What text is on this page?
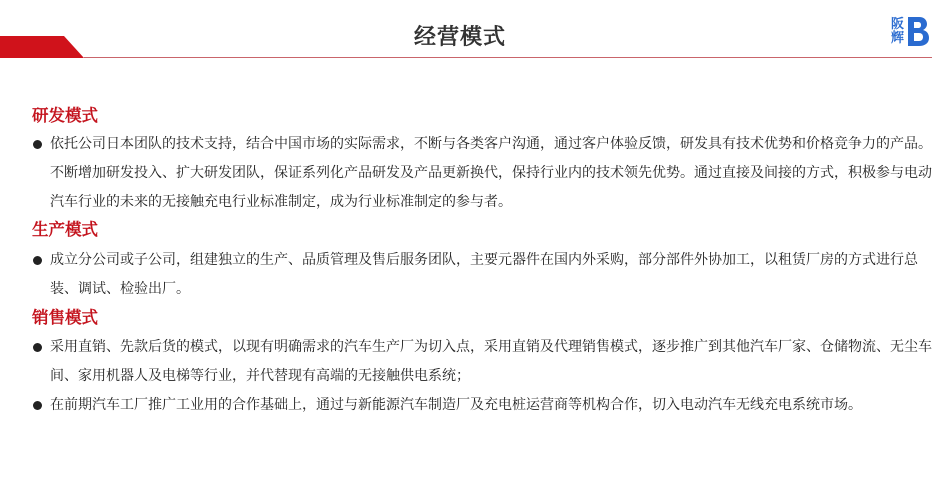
经营模式
阪辉
研发模式
依托公司日本团队的技术支持，结合中国市场的实际需求，不断与各类客户沟通，通过客户体验反馈，研发具有技术优势和价格竞争力的产品。不断增加研发投入、扩大研发团队，保证系列化产品研发及产品更新换代，保持行业内的技术领先优势。通过直接及间接的方式，积极参与电动汽车行业的未来的无接触充电行业标准制定，成为行业标准制定的参与者。
生产模式
成立分公司或子公司，组建独立的生产、品质管理及售后服务团队，主要元器件在国内外采购，部分部件外协加工，以租赁厂房的方式进行总装、调试、检验出厂。
销售模式
采用直销、先款后货的模式，以现有明确需求的汽车生产厂为切入点，采用直销及代理销售模式，逐步推广到其他汽车厂家、仓储物流、无尘车间、家用机器人及电梯等行业，并代替现有高端的无接触供电系统；
在前期汽车工厂推广工业用的合作基础上，通过与新能源汽车制造厂及充电桩运营商等机构合作，切入电动汽车无线充电系统市场。
